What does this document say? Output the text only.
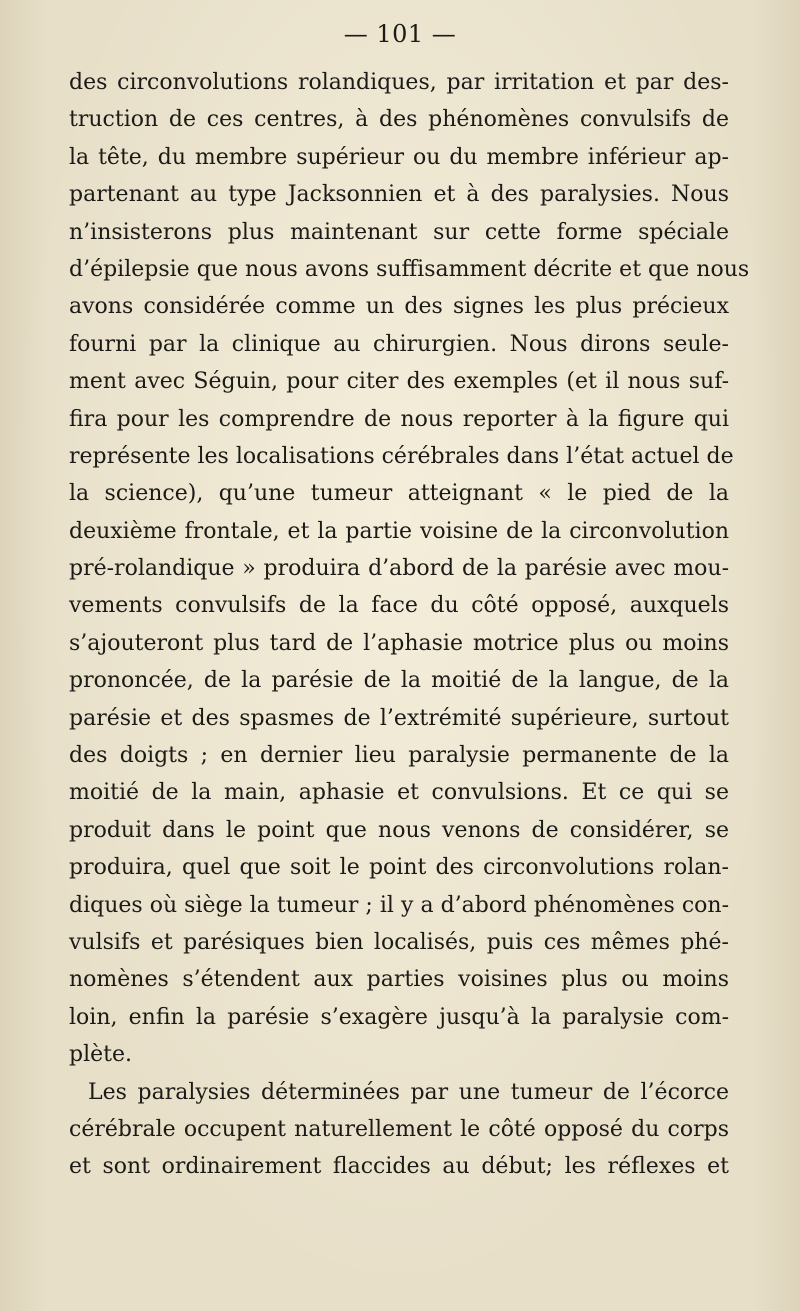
— 101 —
des circonvolutions rolandiques, par irritation et par des-
truction de ces centres, à des phénomènes convulsifs de
la tête, du membre supérieur ou du membre inférieur ap-
partenant au type Jacksonnien et à des paralysies. Nous
n’insisterons plus maintenant sur cette forme spéciale
d’épilepsie que nous avons suffisamment décrite et que nous
avons considérée comme un des signes les plus précieux
fourni par la clinique au chirurgien. Nous dirons seule-
ment avec Séguin, pour citer des exemples (et il nous suf-
fira pour les comprendre de nous reporter à la figure qui
représente les localisations cérébrales dans l’état actuel de
la science), qu’une tumeur atteignant « le pied de la
deuxième frontale, et la partie voisine de la circonvolution
pré-rolandique » produira d’abord de la parésie avec mou-
vements convulsifs de la face du côté opposé, auxquels
s’ajouteront plus tard de l’aphasie motrice plus ou moins
prononcée, de la parésie de la moitié de la langue, de la
parésie et des spasmes de l’extrémité supérieure, surtout
des doigts ; en dernier lieu paralysie permanente de la
moitié de la main, aphasie et convulsions. Et ce qui se
produit dans le point que nous venons de considérer, se
produira, quel que soit le point des circonvolutions rolan-
diques où siège la tumeur ; il y a d’abord phénomènes con-
vulsifs et parésiques bien localisés, puis ces mêmes phé-
nomènes s’étendent aux parties voisines plus ou moins
loin, enfin la parésie s’exagère jusqu’à la paralysie com-
plète.
Les paralysies déterminées par une tumeur de l’écorce
cérébrale occupent naturellement le côté opposé du corps
et sont ordinairement flaccides au début; les réflexes et
